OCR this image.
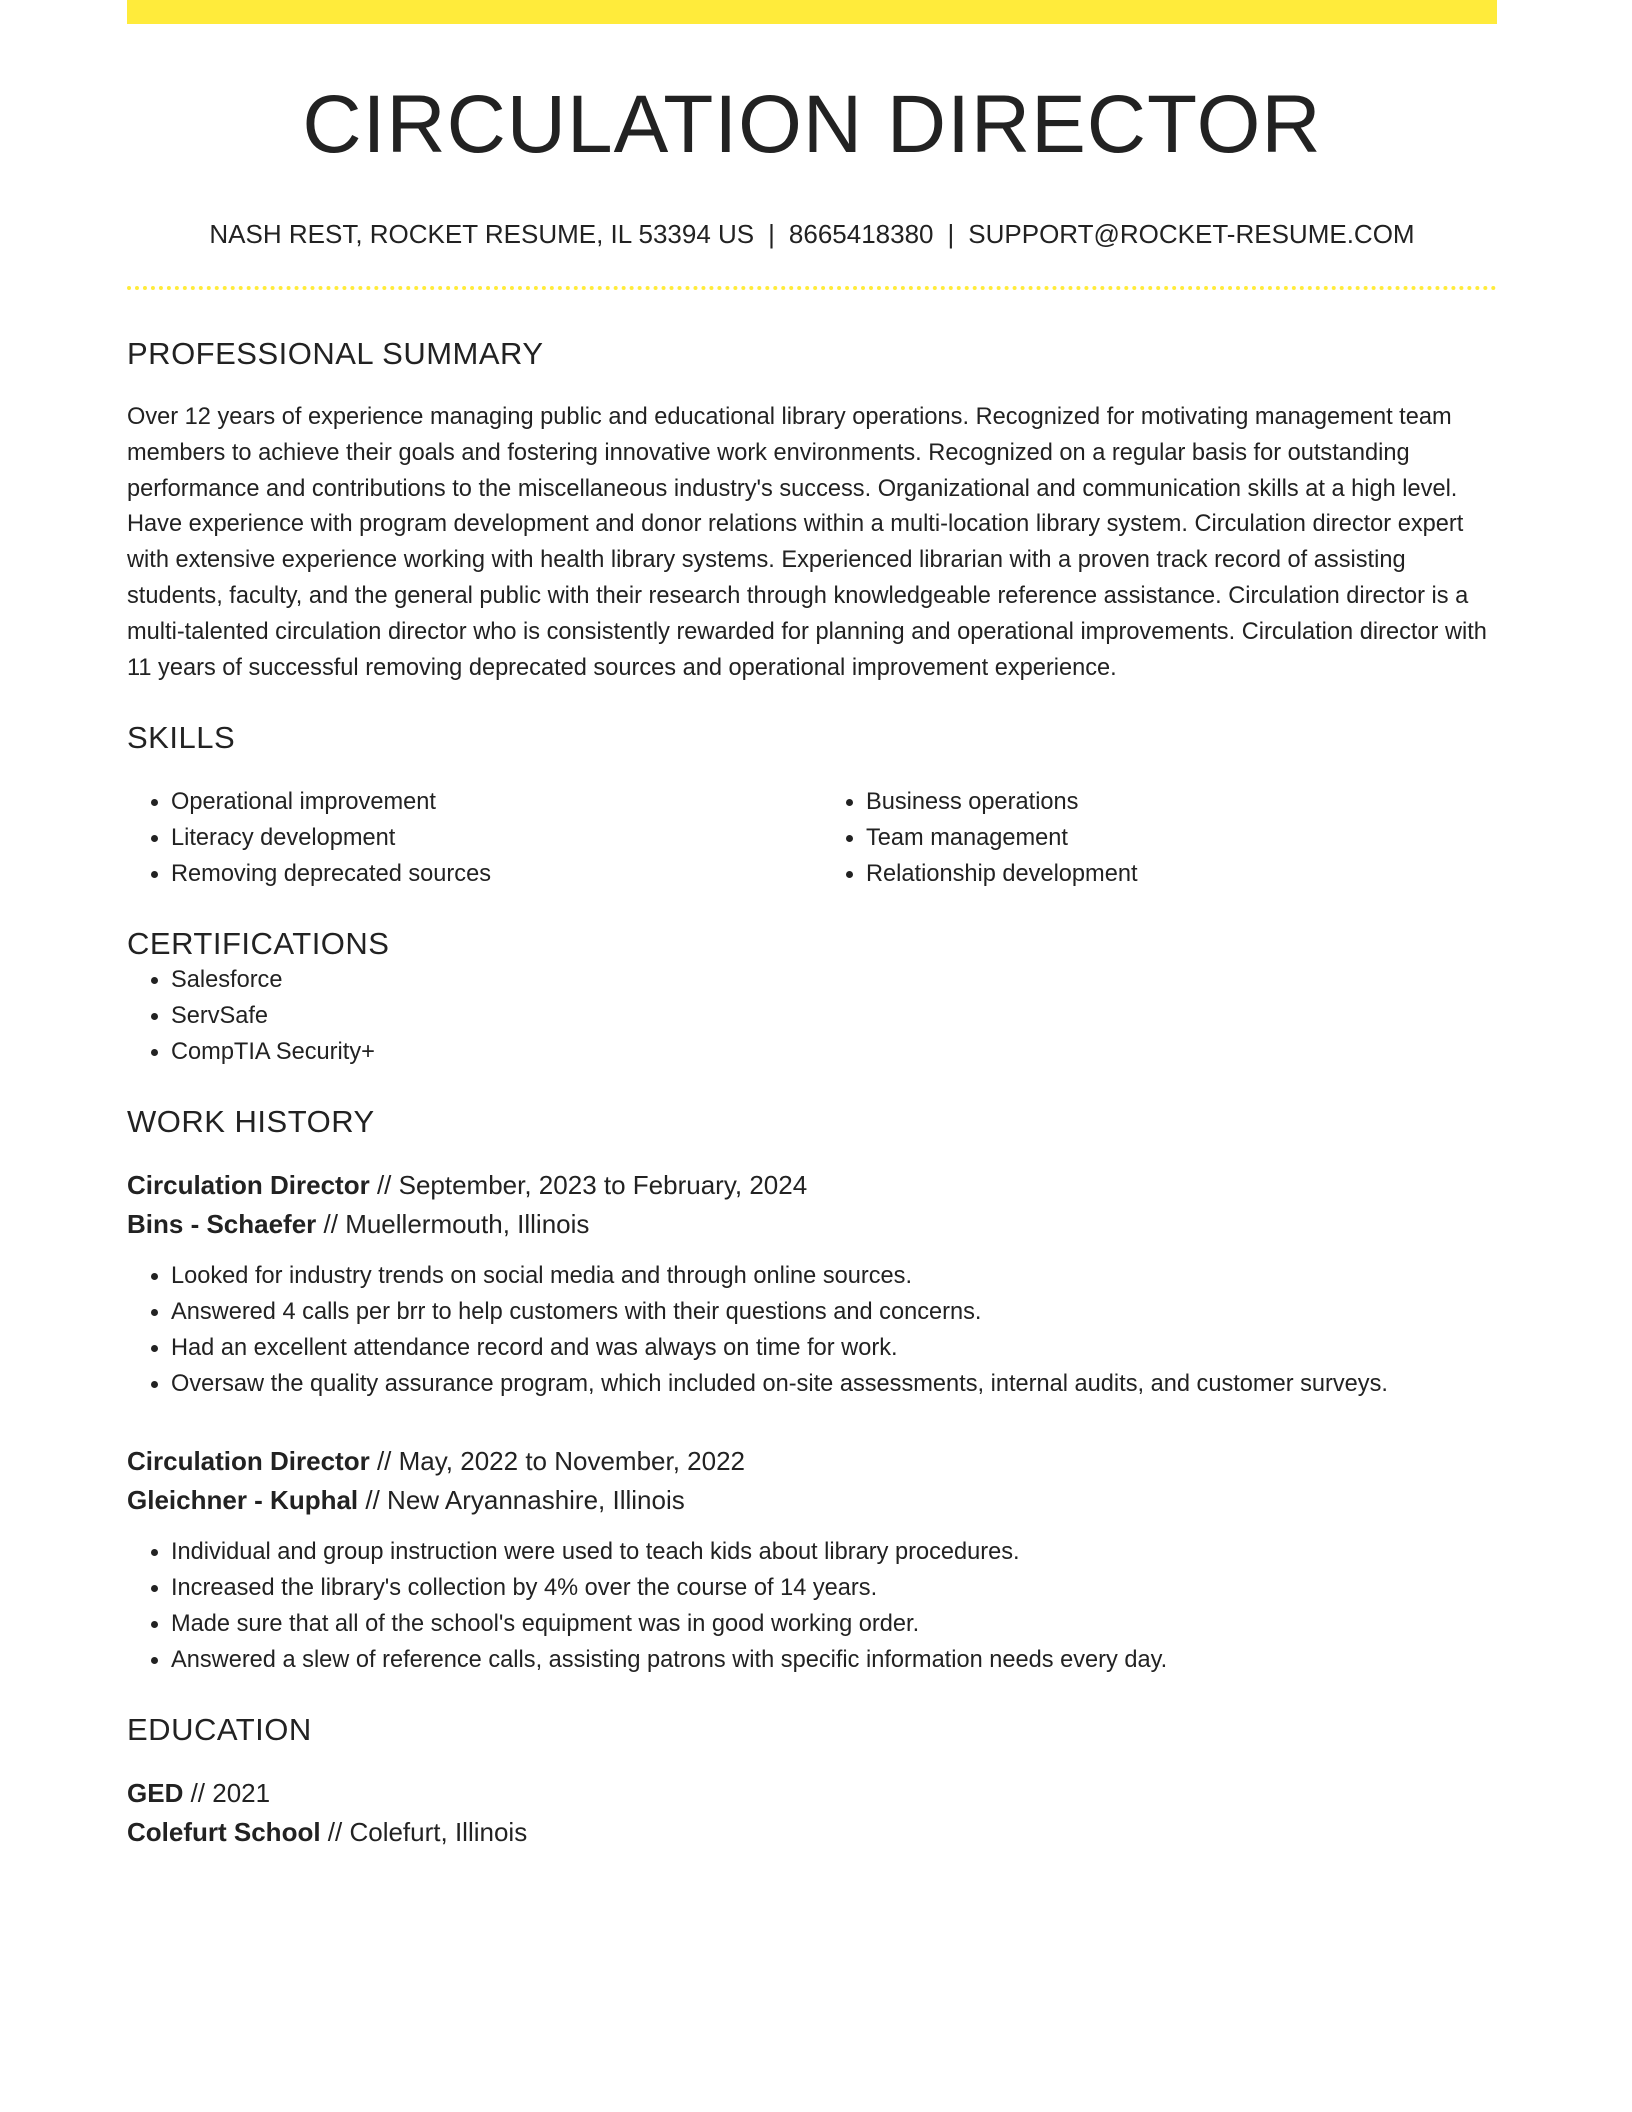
CIRCULATION DIRECTOR
NASH REST, ROCKET RESUME, IL 53394 US | 8665418380 | SUPPORT@ROCKET-RESUME.COM
PROFESSIONAL SUMMARY

Over 12 years of experience managing public and educational library operations. Recognized for motivating management team members to achieve their goals and fostering innovative work environments. Recognized on a regular basis for outstanding performance and contributions to the miscellaneous industry's success. Organizational and communication skills at a high level. Have experience with program development and donor relations within a multi-location library system. Circulation director expert with extensive experience working with health library systems. Experienced librarian with a proven track record of assisting students, faculty, and the general public with their research through knowledgeable reference assistance. Circulation director is a multi-talented circulation director who is consistently rewarded for planning and operational improvements. Circulation director with 11 years of successful removing deprecated sources and operational improvement experience.

SKILLS
• Operational improvement
• Literacy development
• Removing deprecated sources
• Business operations
• Team management
• Relationship development
CERTIFICATIONS
• Salesforce
• ServSafe
• CompTIA Security+
WORK HISTORY
Circulation Director // September, 2023 to February, 2024
Bins - Schaefer // Muellermouth, Illinois
• Looked for industry trends on social media and through online sources.
• Answered 4 calls per brr to help customers with their questions and concerns.
• Had an excellent attendance record and was always on time for work.
• Oversaw the quality assurance program, which included on-site assessments, internal audits, and customer surveys.
Circulation Director // May, 2022 to November, 2022
Gleichner - Kuphal // New Aryannashire, Illinois
• Individual and group instruction were used to teach kids about library procedures.
• Increased the library's collection by 4% over the course of 14 years.
• Made sure that all of the school's equipment was in good working order.
• Answered a slew of reference calls, assisting patrons with specific information needs every day.
EDUCATION
GED // 2021
Colefurt School // Colefurt, Illinois
